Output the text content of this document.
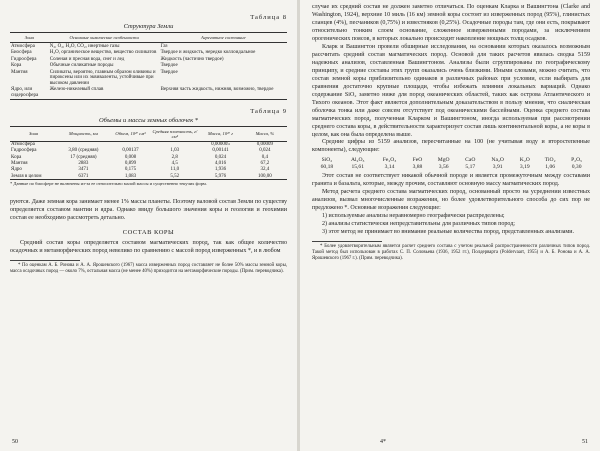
Таблица 8
Структура Земли
Зона	Основные химические особенности	Агрегатное состояние
Атмосфера	N₂, O₂, H₂O, CO₂, инертные газы	Газ
Биосфера	H₂O, органическое вещество, вещество силикатов	Твердое и жидкость, нередко коллоидальное
Гидросфера	Соленая и пресная вода, снег и лед	Жидкость (частично твердое)
Кора	Обычные силикатные породы	Твердое
Мантия	Силикаты, вероятно, главным образом оливины и пироксены или их эквиваленты, устойчивые при высоком давлении	Твердое
Ядро, или сидеросфера	Железо-никелевый сплав	Верхняя часть жидкость, нижняя, возможно, твердое
Таблица 9
Объемы и массы земных оболочек *
Зона	Мощность, км	Объем, 10²⁷ см³	Средняя плотность, г/см³	Масса, 10²⁷ г	Масса, %
Атмосфера				0,000005	0,00009
Гидросфера	3,80 (средняя)	0,00137	1,03	0,00141	0,024
Кора	17 (средняя)	0,008	2,8	0,024	0,4
Мантия	2883	0,899	4,5	4,016	67,2
Ядро	3471	0,175	11,0	1,936	32,4
Земля в целом	6371	1,083	5,52	5,976	100,00
* Данные по биосфере не включены из-за ее относительно малой массы и существенно текучих форм.

руются. Даже земная кора занимает менее 1% массы планеты. Поэтому валовой состав Земли по существу определяется составом мантии и ядра. Однако ввиду большого значения коры и геологии и геохимии состав ее необходимо рассмотреть детально.

СОСТАВ КОРЫ

Средний состав коры определяется составом магматических пород, так как общее количество осадочных и метаморфических пород невелико по сравнению с массой пород изверженных *, и в любом

* По оценкам А. Б. Ронова и А. А. Ярошевского (1967) масса изверженных пород составляет не более 50% массы земной коры, масса осадочных пород — около 7%, остальная масса (не менее 40%) приходится на метаморфические породы. (Прим. переводчика).

50

случае их средний состав не должен заметно отличаться. По оценкам Кларка и Вашингтона (Clarke and Washington, 1924), верхние 10 миль (16 км) земной коры состоят из изверженных пород (95%), глинистых сланцев (4%), песчаников (0,75%) и известняков (0,25%). Осадочные породы там, где они есть, покрывают относительно тонким слоем основание, сложенное изверженными породами, за исключением орогенических поясов, в которых локально происходит накопление мощных толщ осадков.

Кларк и Вашингтон провели обширные исследования, на основании которых оказалось возможным рассчитать средний состав магматических пород. Основой для таких расчетов явилась сводка 5159 надежных анализов, составленная Вашингтоном. Анализы были сгруппированы по географическому принципу, и средние составы этих групп оказались очень близкими. Иными словами, можно считать, что состав земной коры приблизительно одинаков в различных районах при условии, если выбирать для сравнения достаточно крупные площади, чтобы избежать влияния локальных вариаций. Однако содержание SiO₂ заметно ниже для пород океанических областей, таких как острова Атлантического и Тихого океанов. Этот факт является дополнительным доказательством в пользу мнения, что сиалическая оболочка тонка или даже совсем отсутствует под океаническими бассейнами. Оценка среднего состава магматических пород, полученная Кларком и Вашингтоном, иногда используемая при рассмотрении среднего состава коры, в действительности характеризует состав лишь континентальной коры, а не коры в целом, как она была определена выше.

Средние цифры из 5159 анализов, пересчитанные на 100 (не учитывая воду и второстепенные компоненты), следующие:

SiO₂	Al₂O₃	Fe₂O₃	FeO	MgO	CaO	Na₂O	K₂O	TiO₂	P₂O₅
60,18	15,61	3,14	3,88	3,56	5,17	3,91	3,19	1,06	0,30

Этот состав не соответствует никакой обычной породе и является промежуточным между составами гранита и базальта, которые, между прочим, составляют основную массу магматических пород.

Метод расчета среднего состава магматических пород, основанный просто на усреднении известных анализов, вызвал многочисленные возражения, но более удовлетворительного способа до сих пор не предложено *. Основные возражения следующие:

1) используемые анализы неравномерно географически распределены;

2) анализы статистически непредставительны для различных типов пород;

3) этот метод не принимает во внимание реальные количества пород, представленных анализами.

* Более удовлетворительным является расчет среднего состава с учетом реальной распространенности различных типов пород. Такой метод был использован в работах С. П. Соловьева (1936, 1952 гг.), Полдерварта (Poldervaart, 1955) и А. Б. Ронова и А. А. Ярошевского (1967 г.). (Прим. переводчика).

4*	51
